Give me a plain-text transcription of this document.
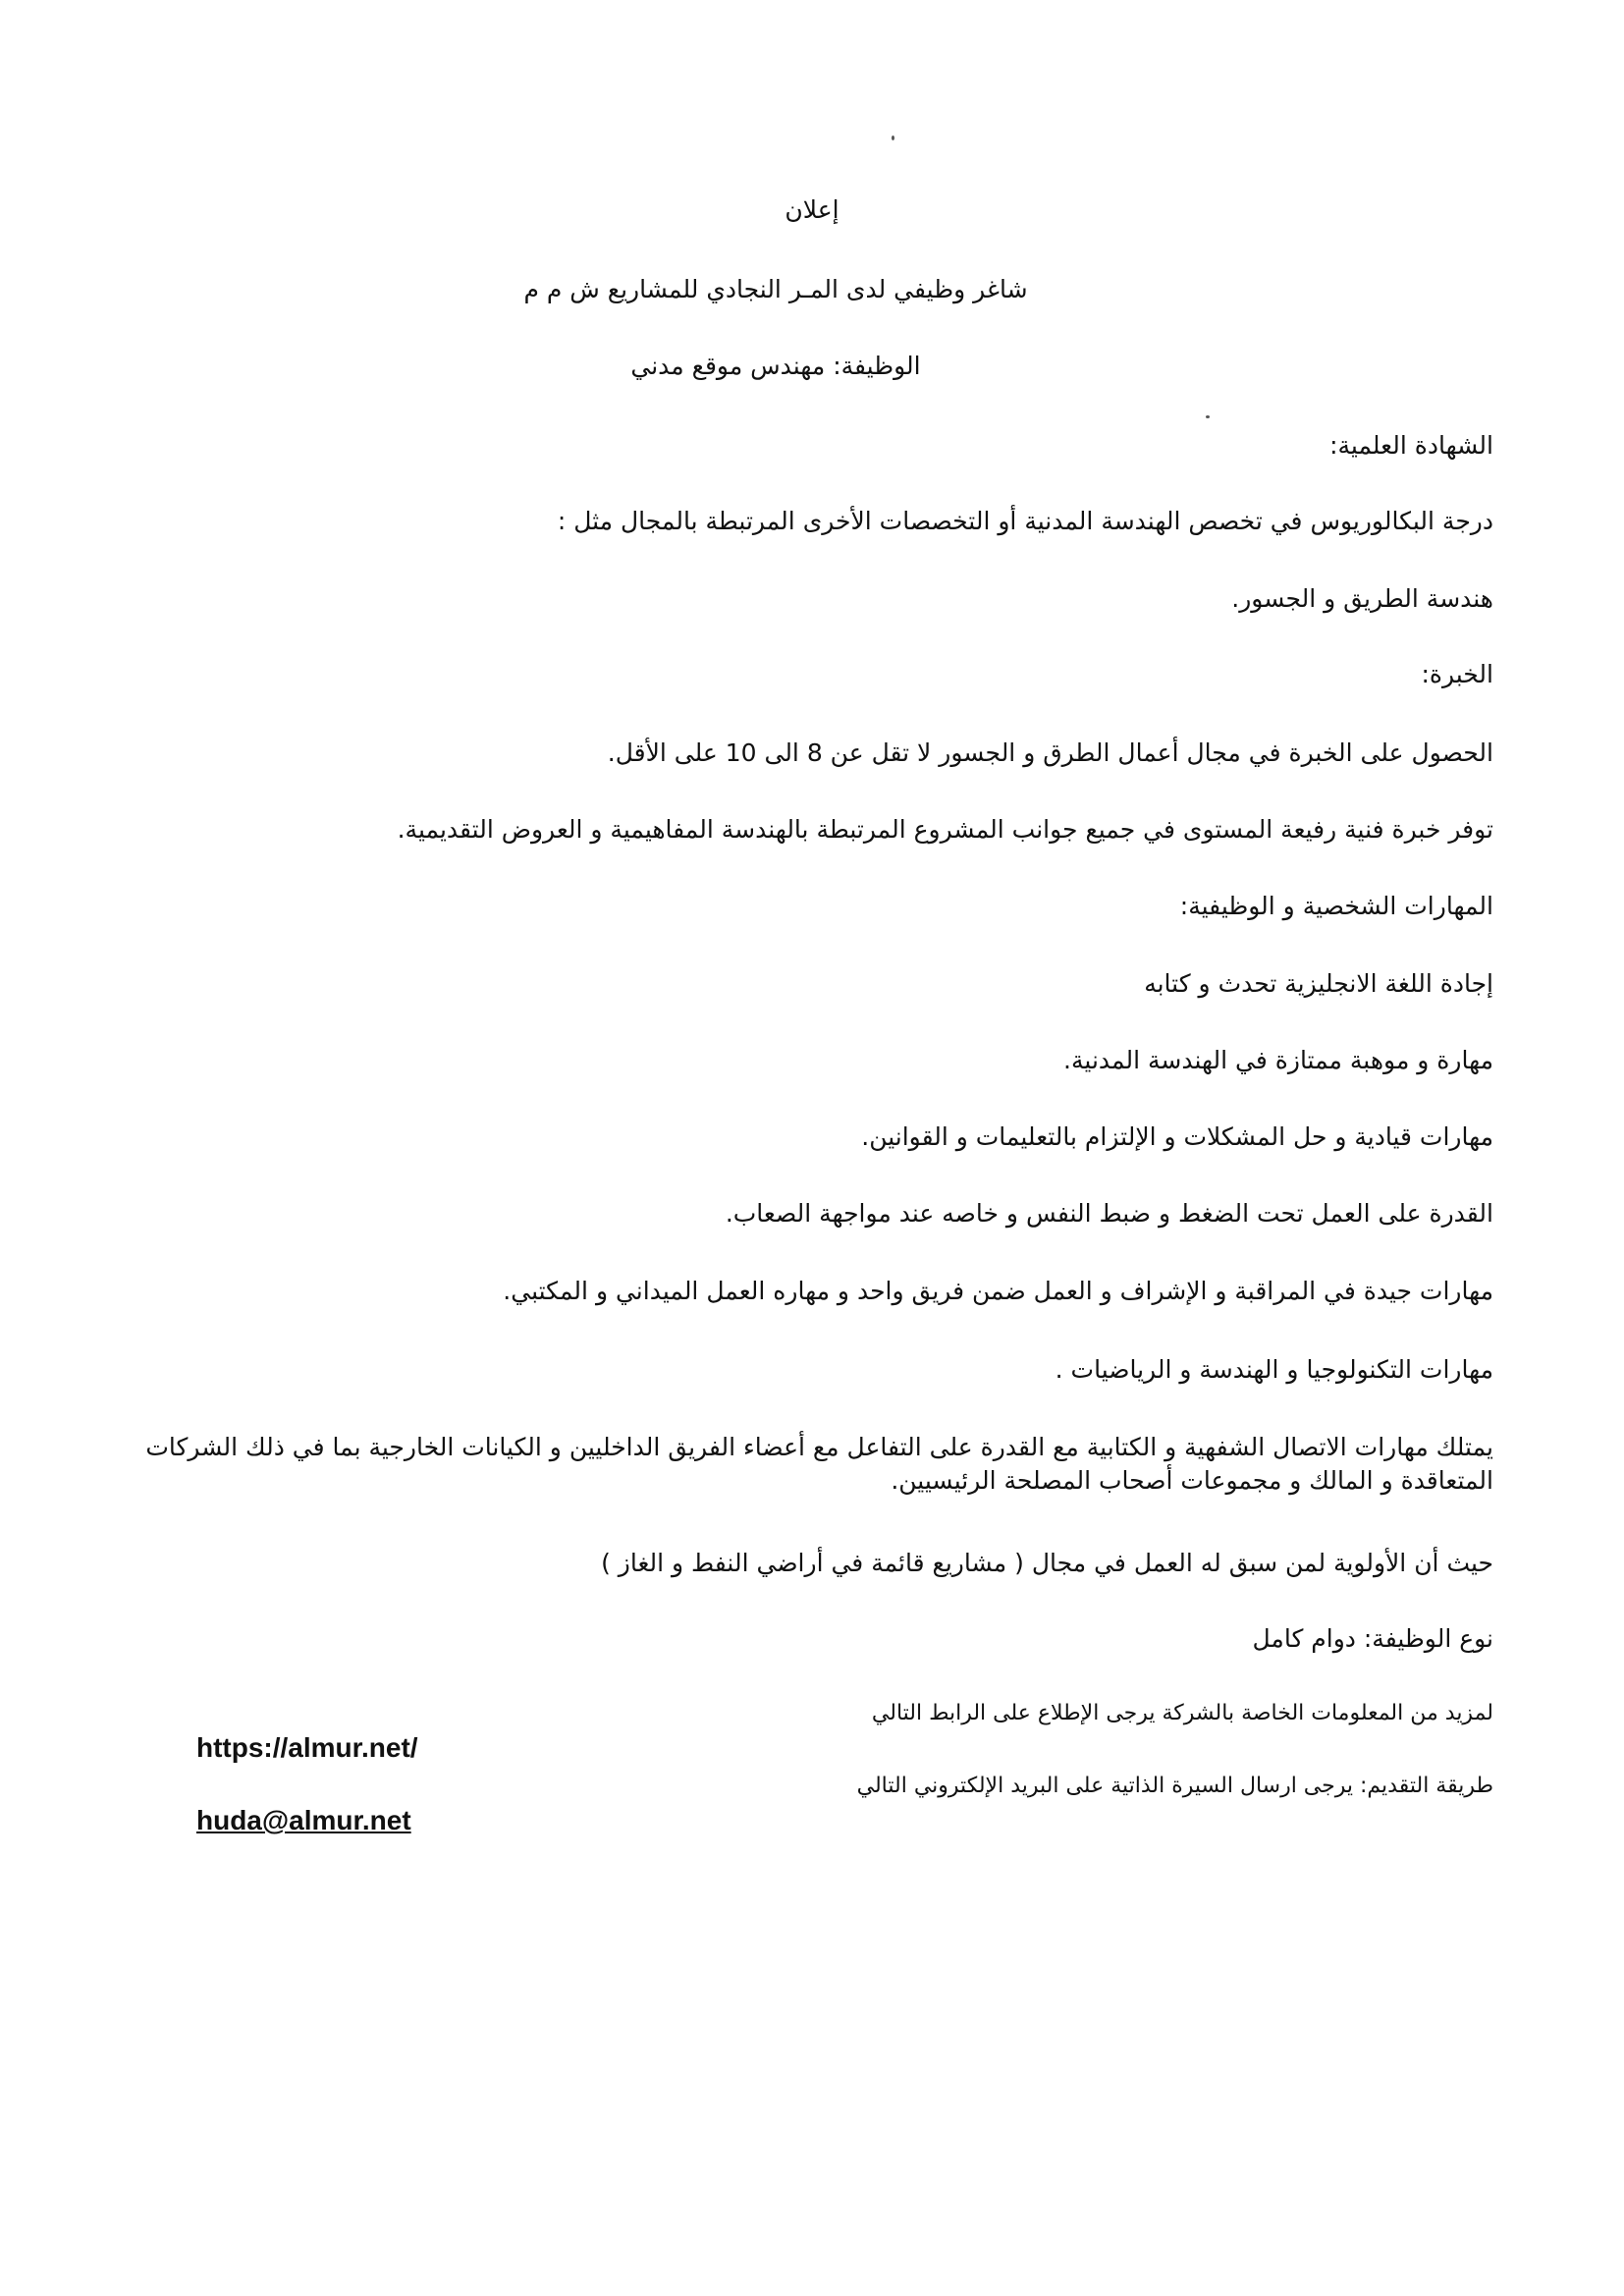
إعلان
شاغر وظيفي لدى المـر النجادي للمشاريع ش م م
الوظيفة: مهندس موقع مدني
الشهادة العلمية:
درجة البكالوريوس في تخصص الهندسة المدنية أو التخصصات الأخرى المرتبطة بالمجال مثل :
هندسة الطريق و الجسور.
الخبرة:
الحصول على الخبرة في مجال أعمال الطرق و الجسور لا تقل عن 8 الى 10 على الأقل.
توفر خبرة فنية رفيعة المستوى في جميع جوانب المشروع المرتبطة بالهندسة المفاهيمية و العروض التقديمية.
المهارات الشخصية و الوظيفية:
إجادة اللغة الانجليزية تحدث و كتابه
مهارة و موهبة ممتازة في الهندسة المدنية.
مهارات قيادية و حل المشكلات و الإلتزام بالتعليمات و القوانين.
القدرة على العمل تحت الضغط و ضبط النفس و خاصه عند مواجهة الصعاب.
مهارات جيدة في المراقبة و الإشراف و العمل ضمن فريق واحد و مهاره العمل الميداني و المكتبي.
مهارات التكنولوجيا و الهندسة و الرياضيات .
يمتلك مهارات الاتصال الشفهية و الكتابية مع القدرة على التفاعل مع أعضاء الفريق الداخليين و الكيانات الخارجية بما في ذلك الشركات المتعاقدة و المالك و مجموعات أصحاب المصلحة الرئيسيين.
حيث أن الأولوية لمن سبق له العمل في مجال ( مشاريع قائمة في أراضي النفط و الغاز )
نوع الوظيفة: دوام كامل
لمزيد من المعلومات الخاصة بالشركة يرجى الإطلاع على الرابط التالي
طريقة التقديم: يرجى ارسال السيرة الذاتية على البريد الإلكتروني التالي
https://almur.net/
huda@almur.net
